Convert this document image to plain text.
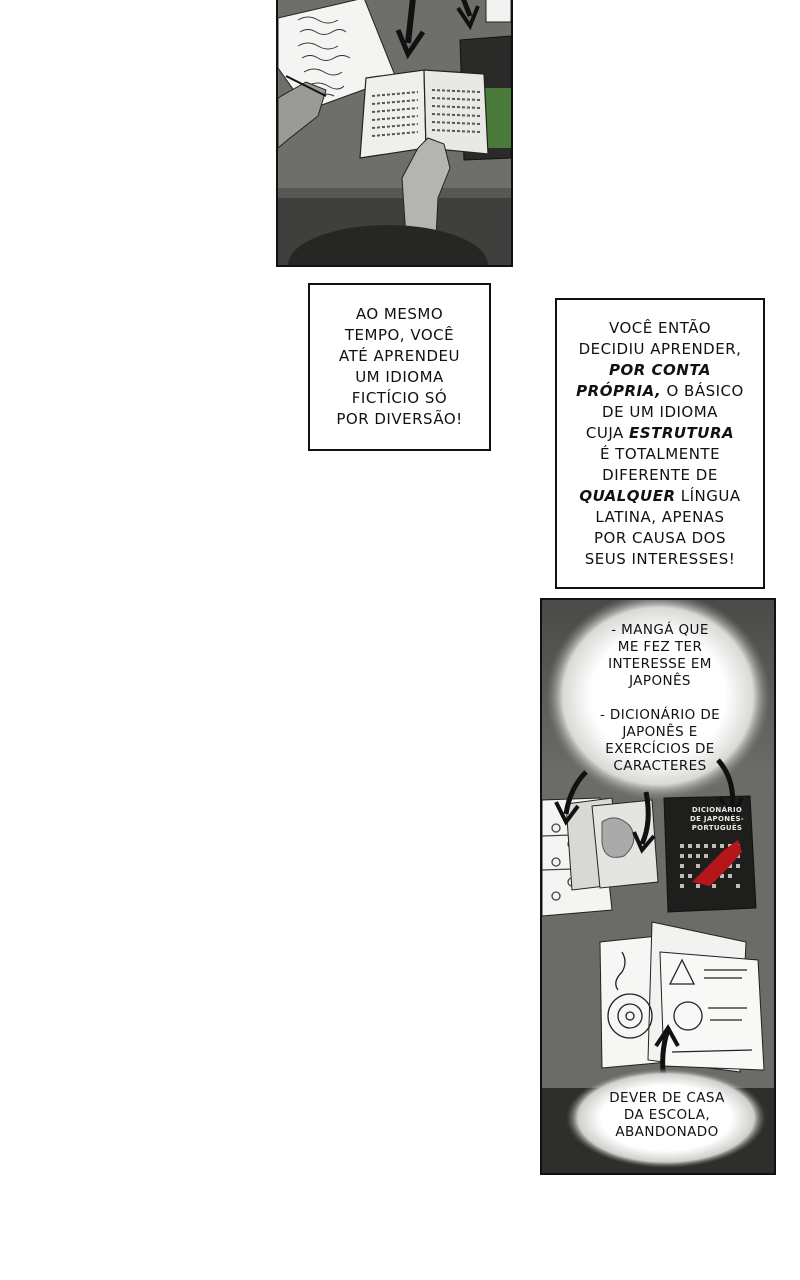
AO MESMO
TEMPO, VOCÊ
ATÉ APRENDEU
UM IDIOMA
FICTÍCIO SÓ
POR DIVERSÃO!
VOCÊ ENTÃO
DECIDIU APRENDER,
POR CONTA
PRÓPRIA, O BÁSICO
DE UM IDIOMA
CUJA ESTRUTURA
É TOTALMENTE
DIFERENTE DE
QUALQUER LÍNGUA
LATINA, APENAS
POR CAUSA DOS
SEUS INTERESSES!
DICIONÁRIO
DE JAPONÊS-
PORTUGUÊS
- MANGÁ QUE
ME FEZ TER
INTERESSE EM
JAPONÊS
- DICIONÁRIO DE
JAPONÊS E
EXERCÍCIOS DE
CARACTERES
DEVER DE CASA
DA ESCOLA,
ABANDONADO
